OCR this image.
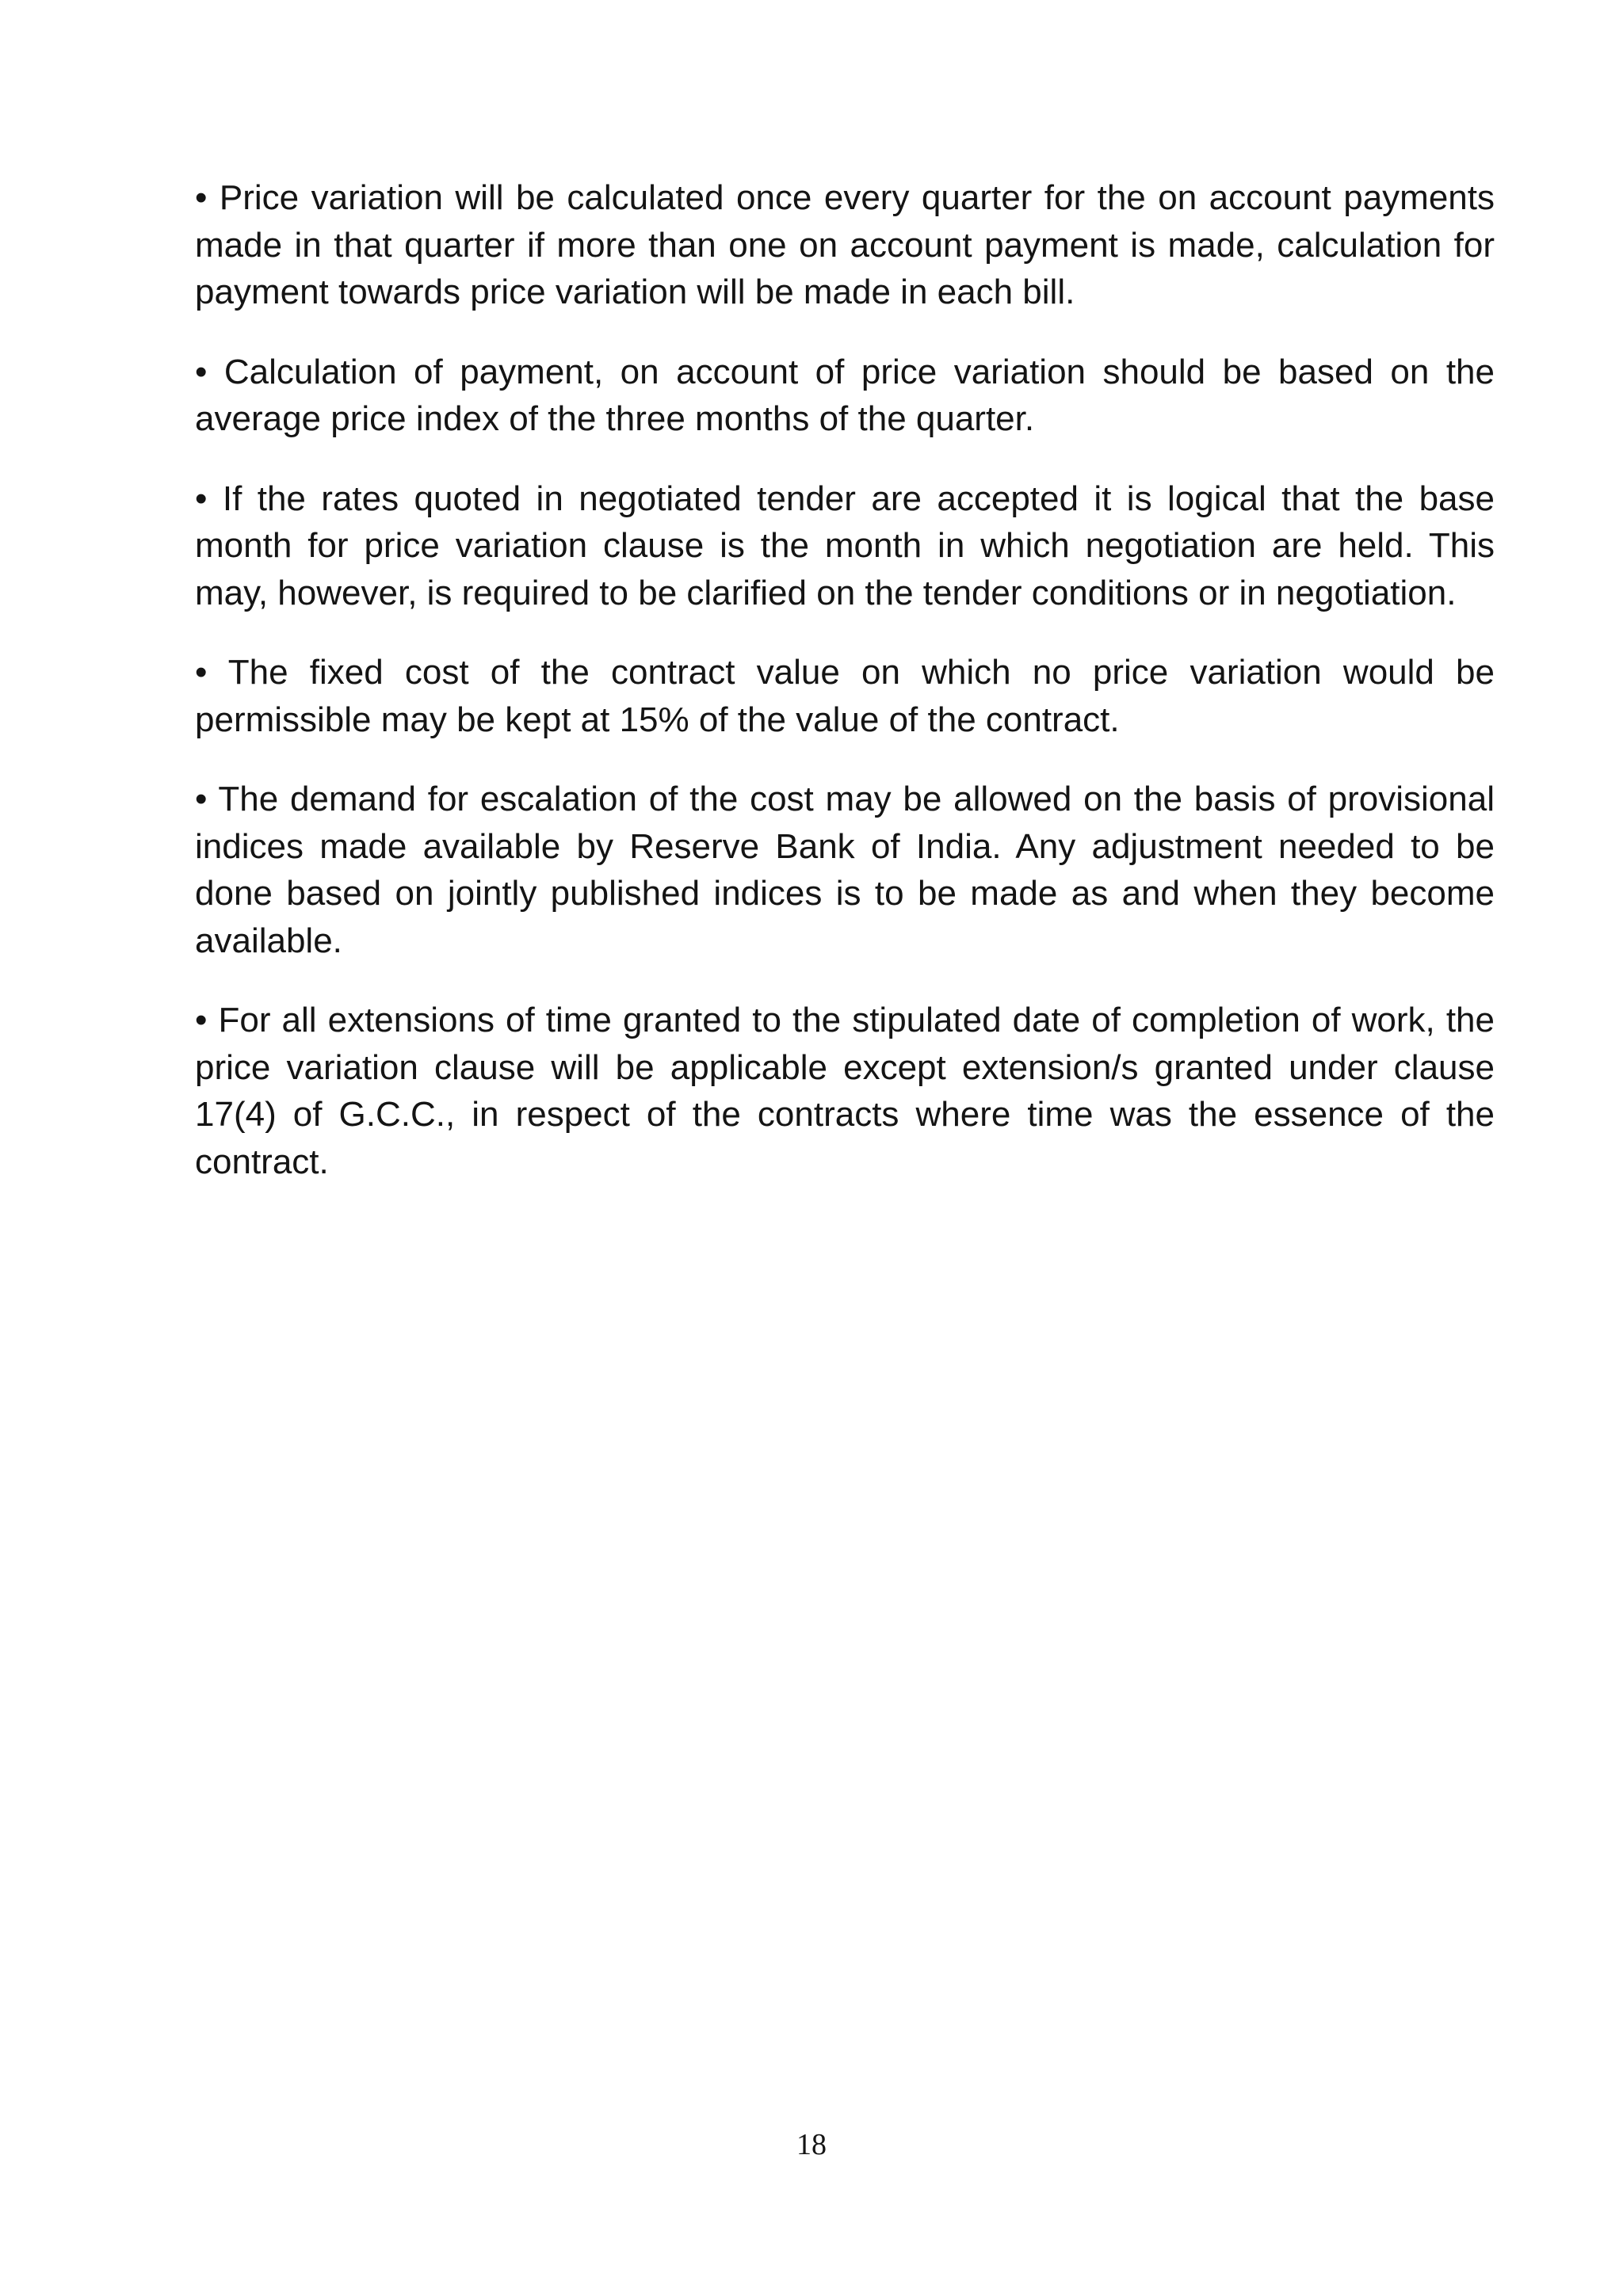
• Price variation will be calculated once every quarter for the on account payments made in that quarter if more than one on account payment is made, calculation for payment towards price variation will be made in each bill.

• Calculation of payment, on account of price variation should be based on the average price index of the three months of the quarter.

• If the rates quoted in negotiated tender are accepted it is logical that the base month for price variation clause is the month in which negotiation are held. This may, however, is required to be clarified on the tender conditions or in negotiation.

• The fixed cost of the contract value on which no price variation would be permissible may be kept at 15% of the value of the contract.

• The demand for escalation of the cost may be allowed on the basis of provisional indices made available by Reserve Bank of India. Any adjustment needed to be done based on jointly published indices is to be made as and when they become available.

• For all extensions of time granted to the stipulated date of completion of work, the price variation clause will be applicable except extension/s granted under clause 17(4) of G.C.C., in respect of the contracts where time was the essence of the contract.

18
